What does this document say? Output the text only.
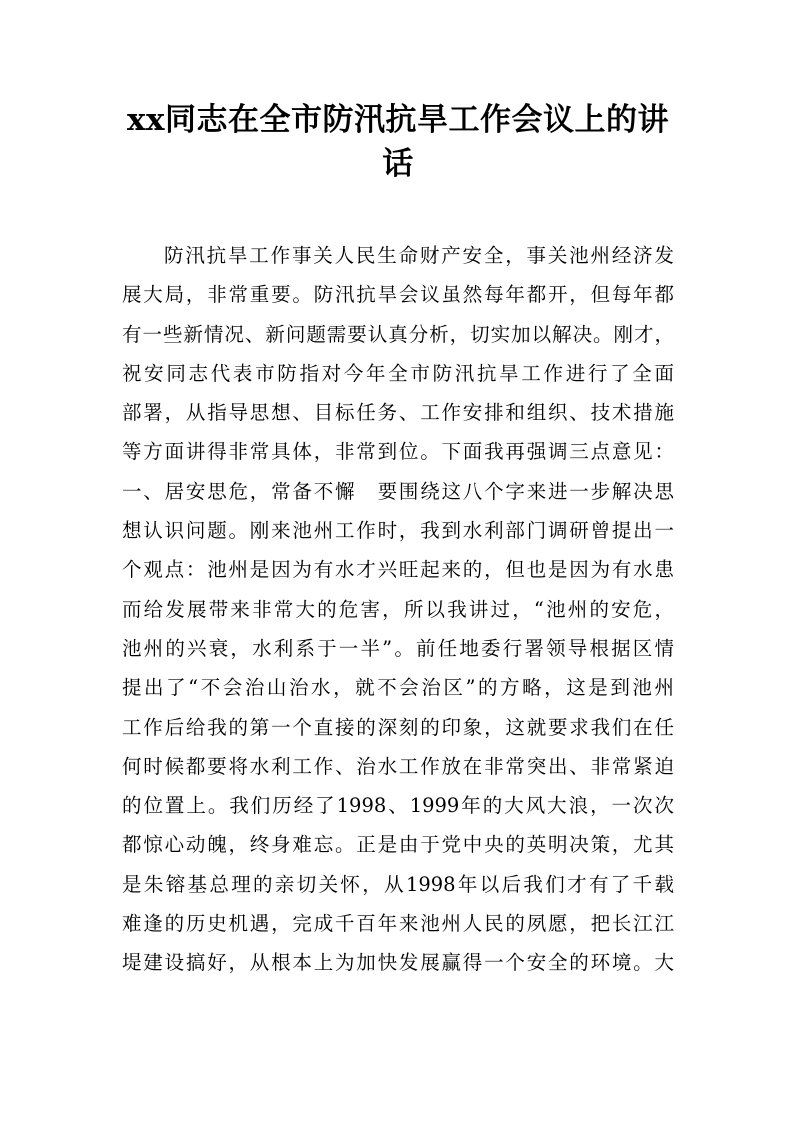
xx同志在全市防汛抗旱工作会议上的讲话
防汛抗旱工作事关人民生命财产安全，事关池州经济发
展大局，非常重要。防汛抗旱会议虽然每年都开，但每年都
有一些新情况、新问题需要认真分析，切实加以解决。刚才，
祝安同志代表市防指对今年全市防汛抗旱工作进行了全面
部署，从指导思想、目标任务、工作安排和组织、技术措施
等方面讲得非常具体，非常到位。下面我再强调三点意见：
一、居安思危，常备不懈　要围绕这八个字来进一步解决思
想认识问题。刚来池州工作时，我到水利部门调研曾提出一
个观点：池州是因为有水才兴旺起来的，但也是因为有水患
而给发展带来非常大的危害，所以我讲过，“池州的安危，
池州的兴衰，水利系于一半”。前任地委行署领导根据区情
提出了“不会治山治水，就不会治区”的方略，这是到池州
工作后给我的第一个直接的深刻的印象，这就要求我们在任
何时候都要将水利工作、治水工作放在非常突出、非常紧迫
的位置上。我们历经了1998、1999年的大风大浪，一次次
都惊心动魄，终身难忘。正是由于党中央的英明决策，尤其
是朱镕基总理的亲切关怀，从1998年以后我们才有了千载
难逢的历史机遇，完成千百年来池州人民的夙愿，把长江江
堤建设搞好，从根本上为加快发展赢得一个安全的环境。大
